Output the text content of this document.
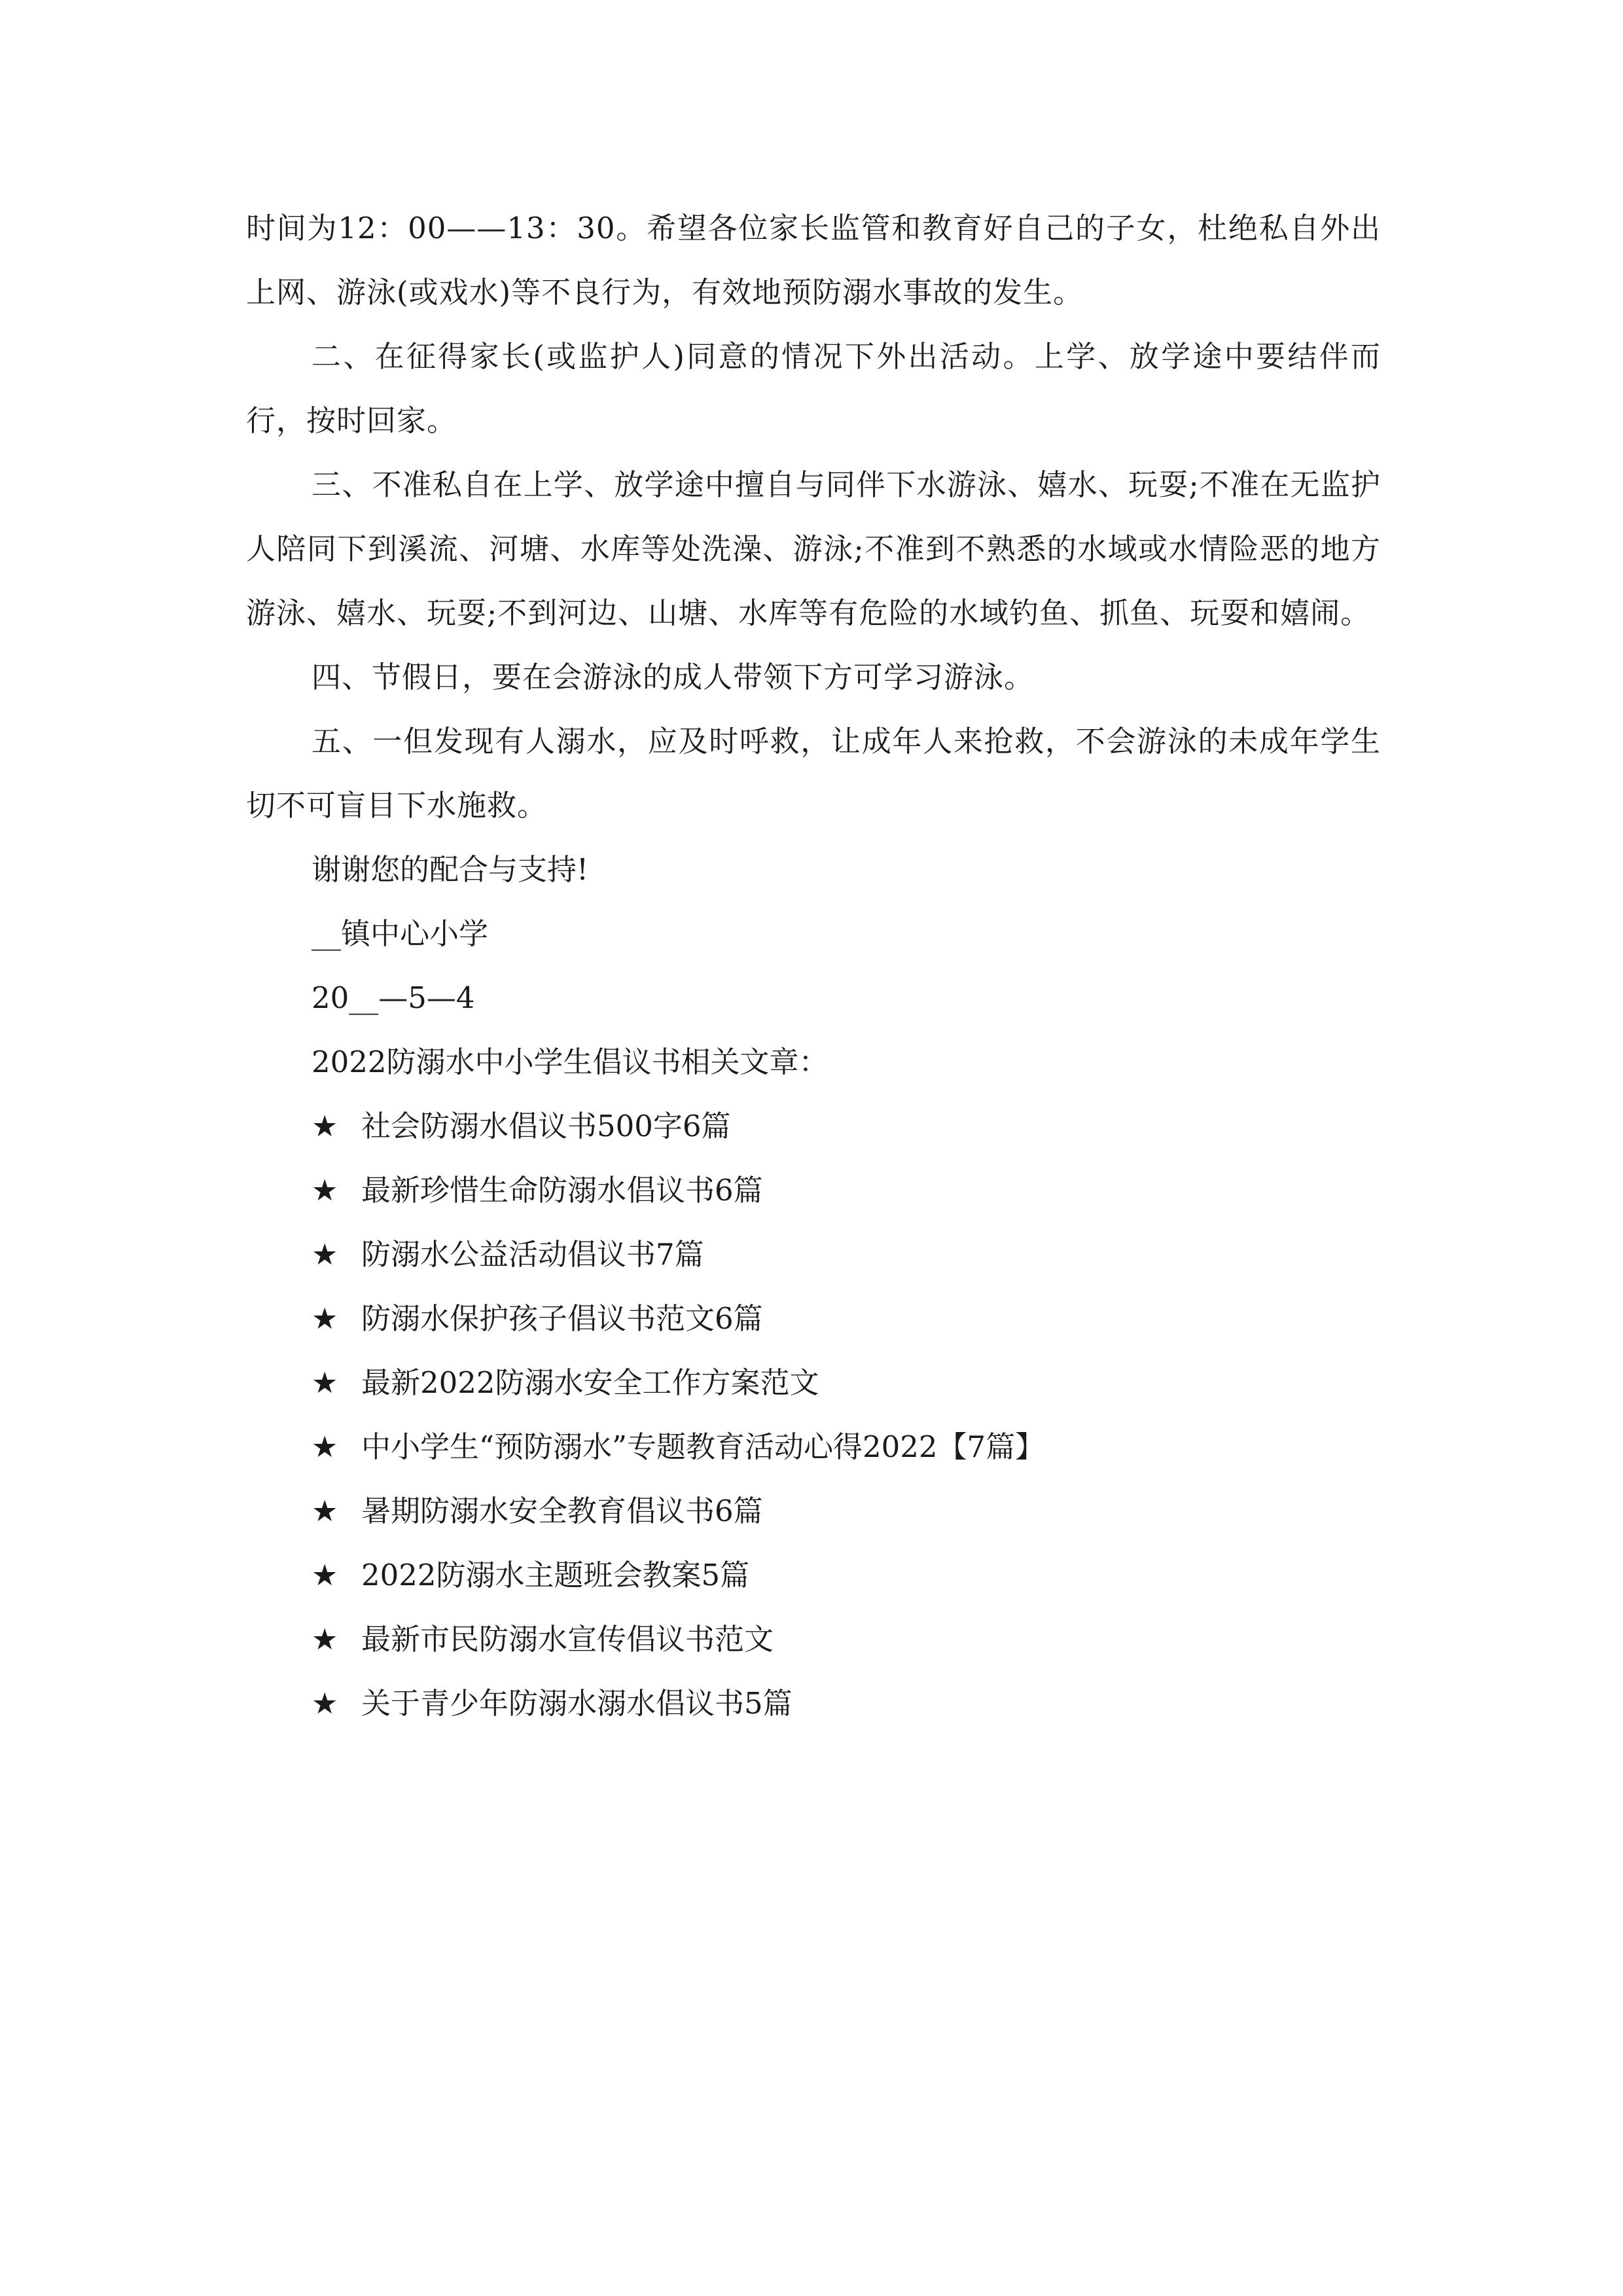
时间为12：00——13：30。希望各位家长监管和教育好自己的子女，杜绝私自外出上网、游泳(或戏水)等不良行为，有效地预防溺水事故的发生。

二、在征得家长(或监护人)同意的情况下外出活动。上学、放学途中要结伴而行，按时回家。

三、不准私自在上学、放学途中擅自与同伴下水游泳、嬉水、玩耍;不准在无监护人陪同下到溪流、河塘、水库等处洗澡、游泳;不准到不熟悉的水域或水情险恶的地方游泳、嬉水、玩耍;不到河边、山塘、水库等有危险的水域钓鱼、抓鱼、玩耍和嬉闹。

四、节假日，要在会游泳的成人带领下方可学习游泳。

五、一但发现有人溺水，应及时呼救，让成年人来抢救，不会游泳的未成年学生切不可盲目下水施救。

谢谢您的配合与支持!

__镇中心小学

20__—5—4

2022防溺水中小学生倡议书相关文章：

★ 社会防溺水倡议书500字6篇
★ 最新珍惜生命防溺水倡议书6篇
★ 防溺水公益活动倡议书7篇
★ 防溺水保护孩子倡议书范文6篇
★ 最新2022防溺水安全工作方案范文
★ 中小学生“预防溺水”专题教育活动心得2022【7篇】
★ 暑期防溺水安全教育倡议书6篇
★ 2022防溺水主题班会教案5篇
★ 最新市民防溺水宣传倡议书范文
★ 关于青少年防溺水溺水倡议书5篇
